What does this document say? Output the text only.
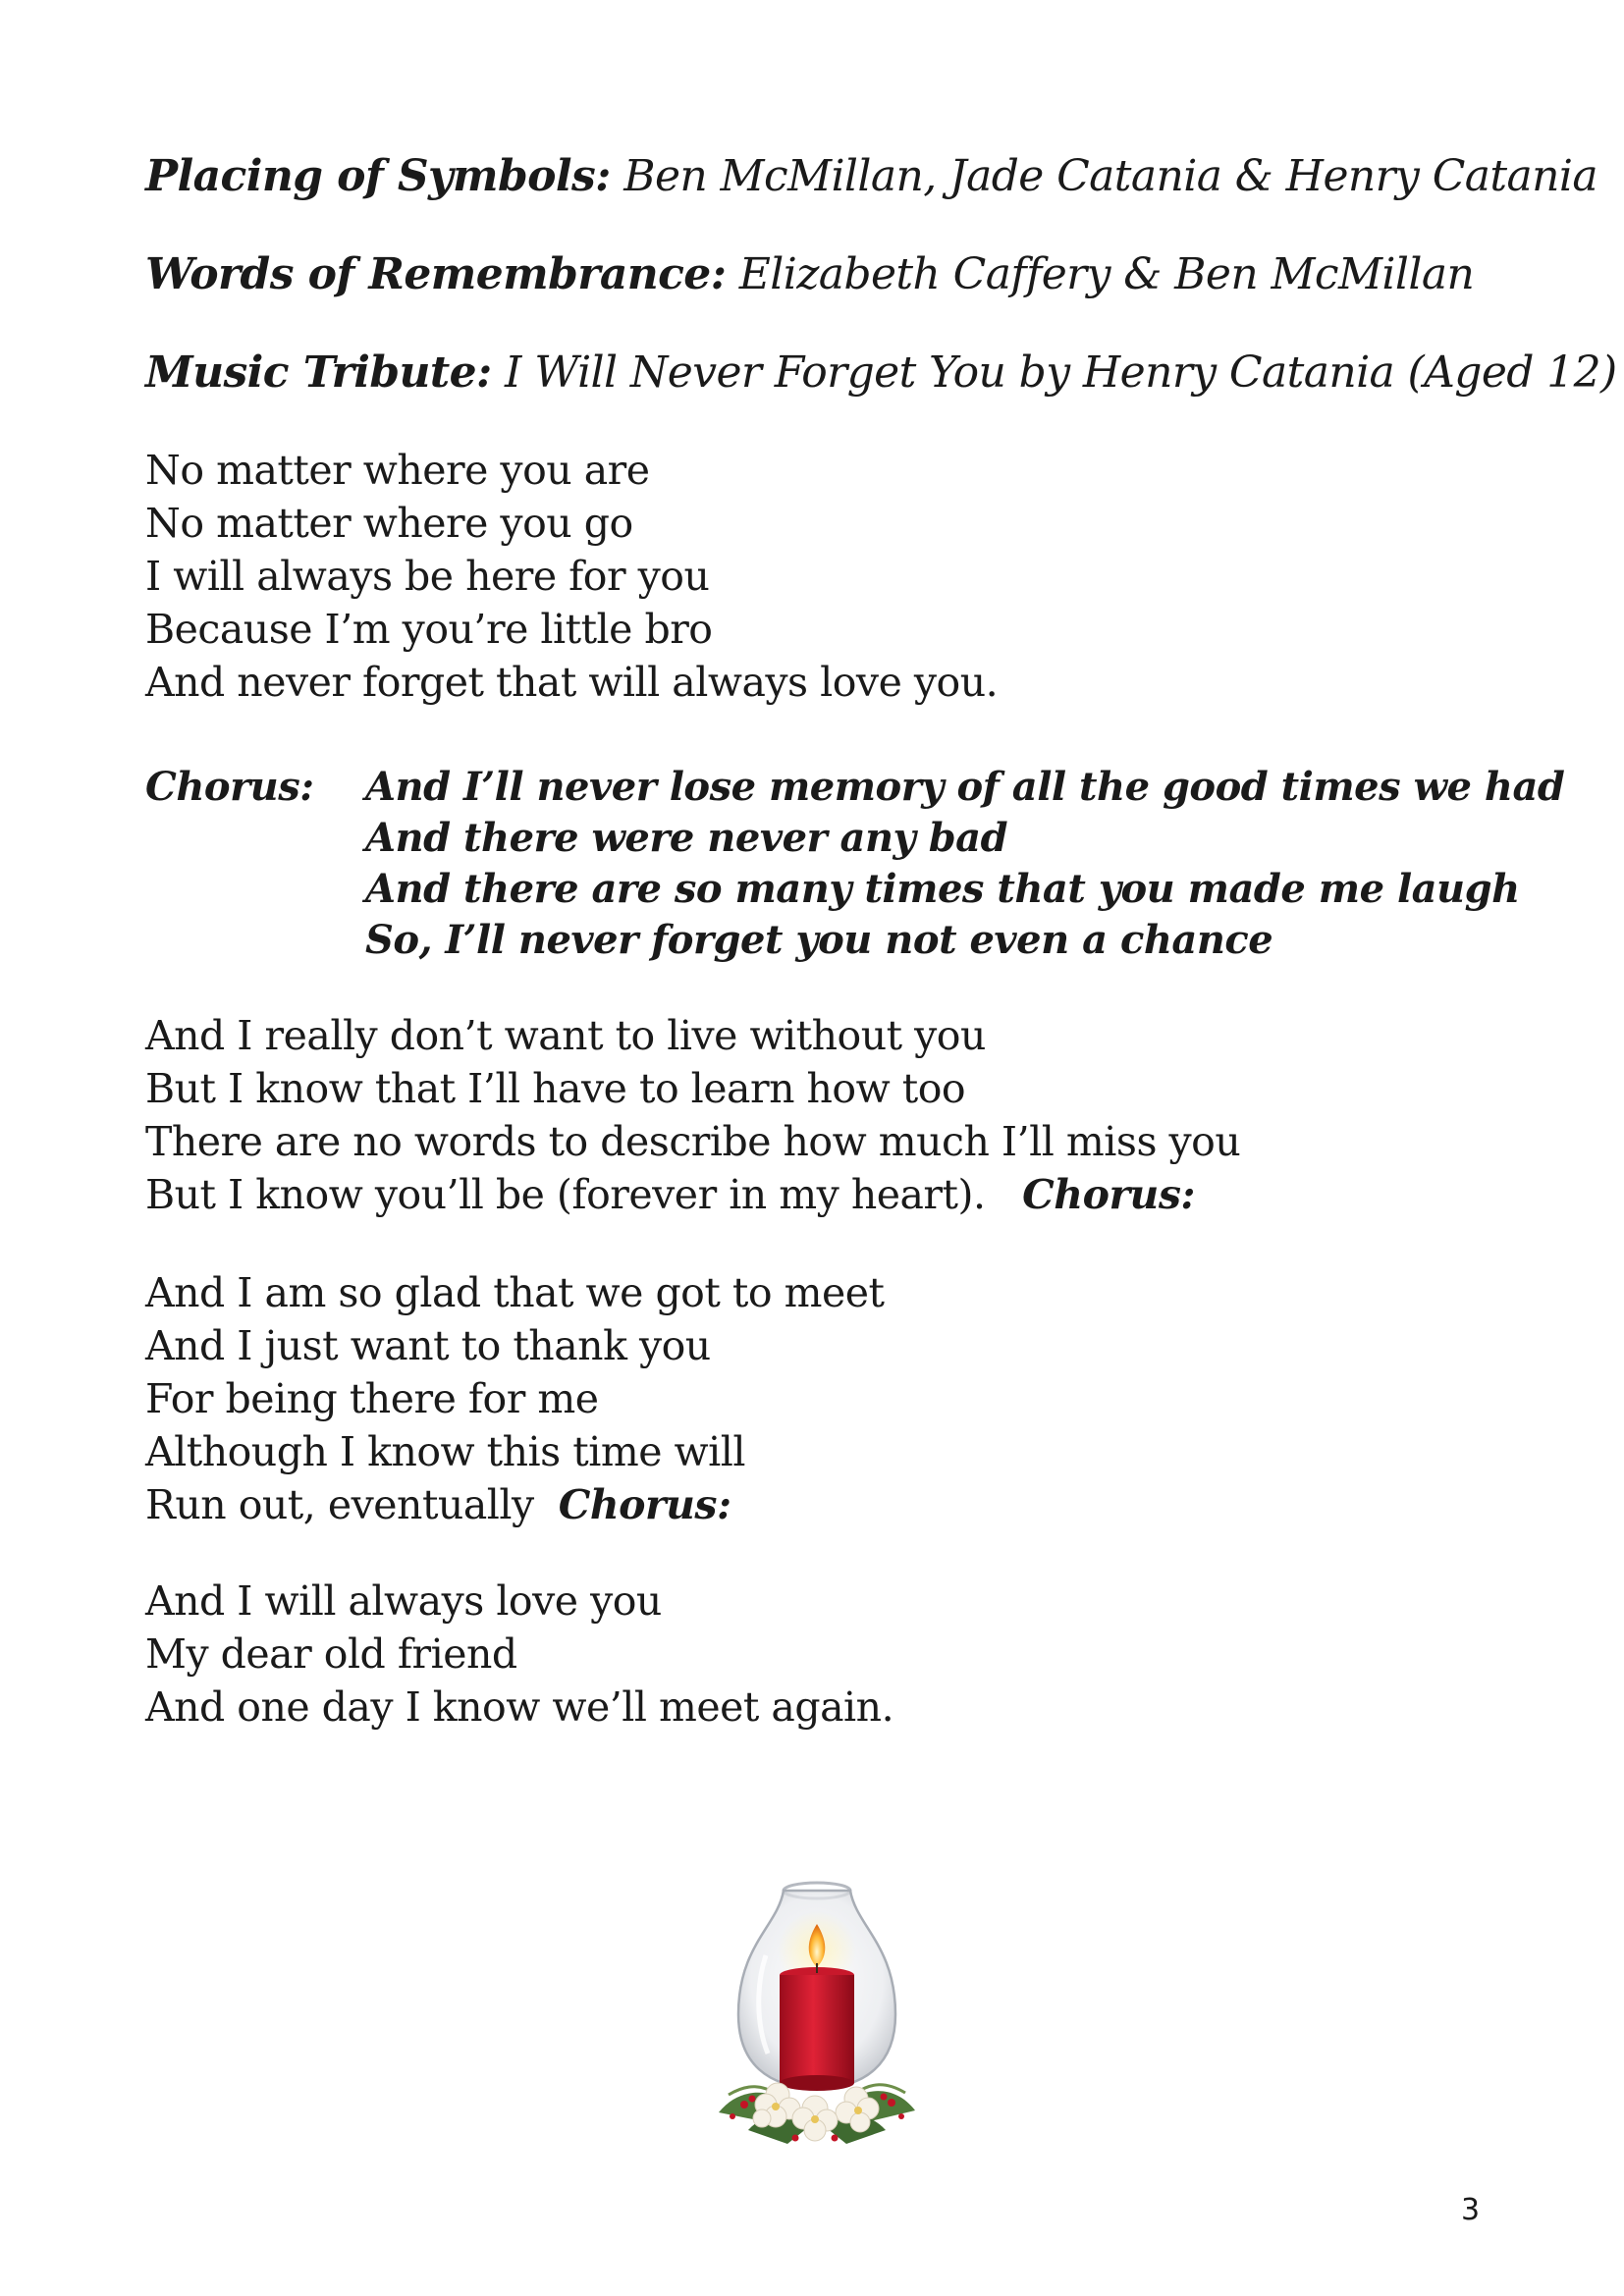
Placing of Symbols: Ben McMillan, Jade Catania & Henry Catania
Words of Remembrance: Elizabeth Caffery & Ben McMillan
Music Tribute: I Will Never Forget You by Henry Catania (Aged 12)
No matter where you are
No matter where you go
I will always be here for you
Because I’m you’re little bro
And never forget that will always love you.
Chorus: And I’ll never lose memory of all the good times we had
And there were never any bad
And there are so many times that you made me laugh
So, I’ll never forget you not even a chance
And I really don’t want to live without you
But I know that I’ll have to learn how too
There are no words to describe how much I’ll miss you
But I know you’ll be (forever in my heart). Chorus:
And I am so glad that we got to meet
And I just want to thank you
For being there for me
Although I know this time will
Run out, eventually Chorus:
And I will always love you
My dear old friend
And one day I know we’ll meet again.
3
